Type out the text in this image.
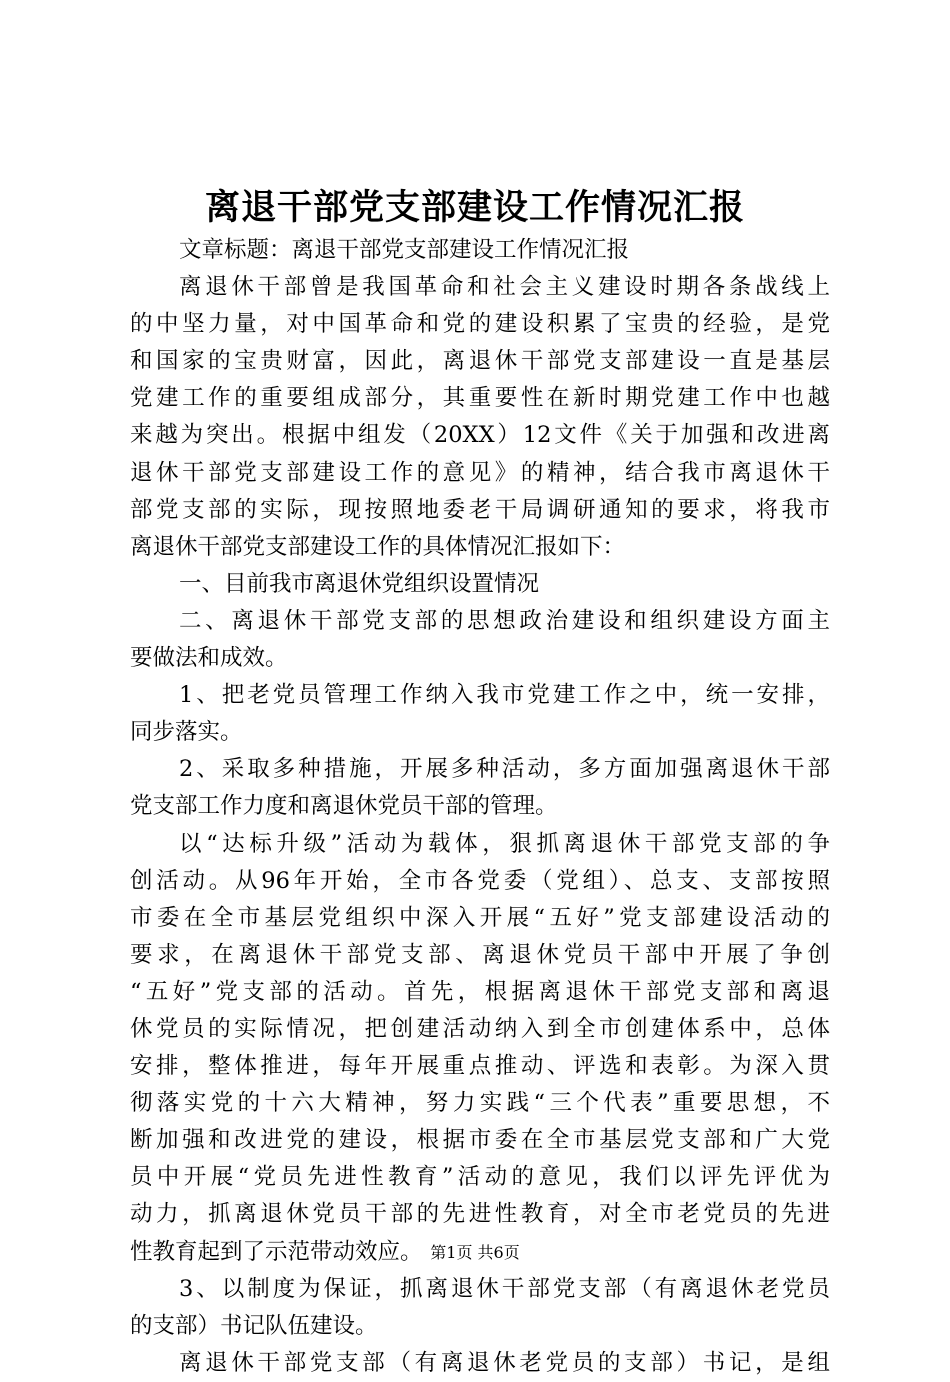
离退干部党支部建设工作情况汇报
文章标题：离退干部党支部建设工作情况汇报
离退休干部曾是我国革命和社会主义建设时期各条战线上
的中坚力量，对中国革命和党的建设积累了宝贵的经验，是党
和国家的宝贵财富，因此，离退休干部党支部建设一直是基层
党建工作的重要组成部分，其重要性在新时期党建工作中也越
来越为突出。根据中组发（20XX）12文件《关于加强和改进离
退休干部党支部建设工作的意见》的精神，结合我市离退休干
部党支部的实际，现按照地委老干局调研通知的要求，将我市
离退休干部党支部建设工作的具体情况汇报如下：
一、目前我市离退休党组织设置情况
二、离退休干部党支部的思想政治建设和组织建设方面主
要做法和成效。
1、把老党员管理工作纳入我市党建工作之中，统一安排，
同步落实。
2、采取多种措施，开展多种活动，多方面加强离退休干部
党支部工作力度和离退休党员干部的管理。
以“达标升级”活动为载体，狠抓离退休干部党支部的争
创活动。从96年开始，全市各党委（党组）、总支、支部按照
市委在全市基层党组织中深入开展“五好”党支部建设活动的
要求，在离退休干部党支部、离退休党员干部中开展了争创
“五好”党支部的活动。首先，根据离退休干部党支部和离退
休党员的实际情况，把创建活动纳入到全市创建体系中，总体
安排，整体推进，每年开展重点推动、评选和表彰。为深入贯
彻落实党的十六大精神，努力实践“三个代表”重要思想，不
断加强和改进党的建设，根据市委在全市基层党支部和广大党
员中开展“党员先进性教育”活动的意见，我们以评先评优为
动力，抓离退休党员干部的先进性教育，对全市老党员的先进
性教育起到了示范带动效应。
3、以制度为保证，抓离退休干部党支部（有离退休老党员
的支部）书记队伍建设。
离退休干部党支部（有离退休老党员的支部）书记，是组
第1页 共6页
